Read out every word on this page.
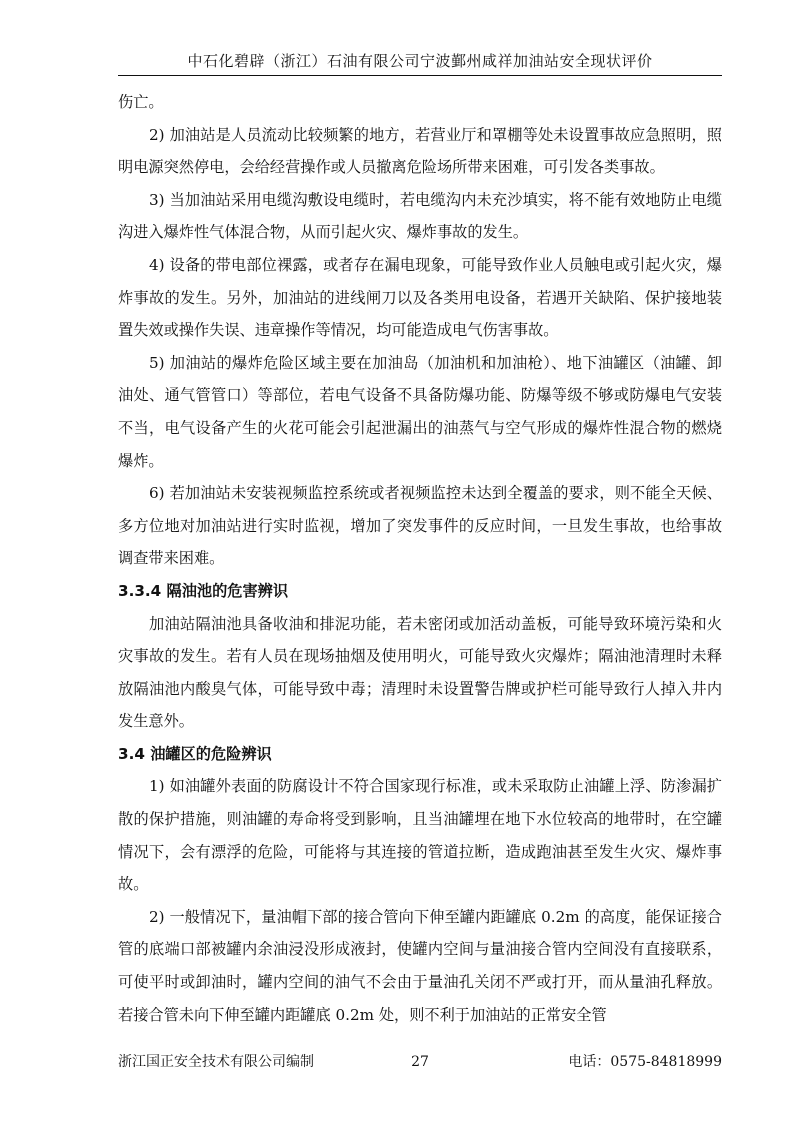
中石化碧辟（浙江）石油有限公司宁波鄞州咸祥加油站安全现状评价

伤亡。

2) 加油站是人员流动比较频繁的地方，若营业厅和罩棚等处未设置事故应急照明，照明电源突然停电，会给经营操作或人员撤离危险场所带来困难，可引发各类事故。

3) 当加油站采用电缆沟敷设电缆时，若电缆沟内未充沙填实，将不能有效地防止电缆沟进入爆炸性气体混合物，从而引起火灾、爆炸事故的发生。

4) 设备的带电部位裸露，或者存在漏电现象，可能导致作业人员触电或引起火灾，爆炸事故的发生。另外，加油站的进线闸刀以及各类用电设备，若遇开关缺陷、保护接地装置失效或操作失误、违章操作等情况，均可能造成电气伤害事故。

5) 加油站的爆炸危险区域主要在加油岛（加油机和加油枪）、地下油罐区（油罐、卸油处、通气管管口）等部位，若电气设备不具备防爆功能、防爆等级不够或防爆电气安装不当，电气设备产生的火花可能会引起泄漏出的油蒸气与空气形成的爆炸性混合物的燃烧爆炸。

6) 若加油站未安装视频监控系统或者视频监控未达到全覆盖的要求，则不能全天候、多方位地对加油站进行实时监视，增加了突发事件的反应时间，一旦发生事故，也给事故调查带来困难。

3.3.4 隔油池的危害辨识

加油站隔油池具备收油和排泥功能，若未密闭或加活动盖板，可能导致环境污染和火灾事故的发生。若有人员在现场抽烟及使用明火，可能导致火灾爆炸；隔油池清理时未释放隔油池内酸臭气体，可能导致中毒；清理时未设置警告牌或护栏可能导致行人掉入井内发生意外。

3.4 油罐区的危险辨识

1) 如油罐外表面的防腐设计不符合国家现行标准，或未采取防止油罐上浮、防渗漏扩散的保护措施，则油罐的寿命将受到影响，且当油罐埋在地下水位较高的地带时，在空罐情况下，会有漂浮的危险，可能将与其连接的管道拉断，造成跑油甚至发生火灾、爆炸事故。

2) 一般情况下，量油帽下部的接合管向下伸至罐内距罐底 0.2m 的高度，能保证接合管的底端口部被罐内余油浸没形成液封，使罐内空间与量油接合管内空间没有直接联系，可使平时或卸油时，罐内空间的油气不会由于量油孔关闭不严或打开，而从量油孔释放。若接合管未向下伸至罐内距罐底 0.2m 处，则不利于加油站的正常安全管

浙江国正安全技术有限公司编制	27	电话：0575-84818999
